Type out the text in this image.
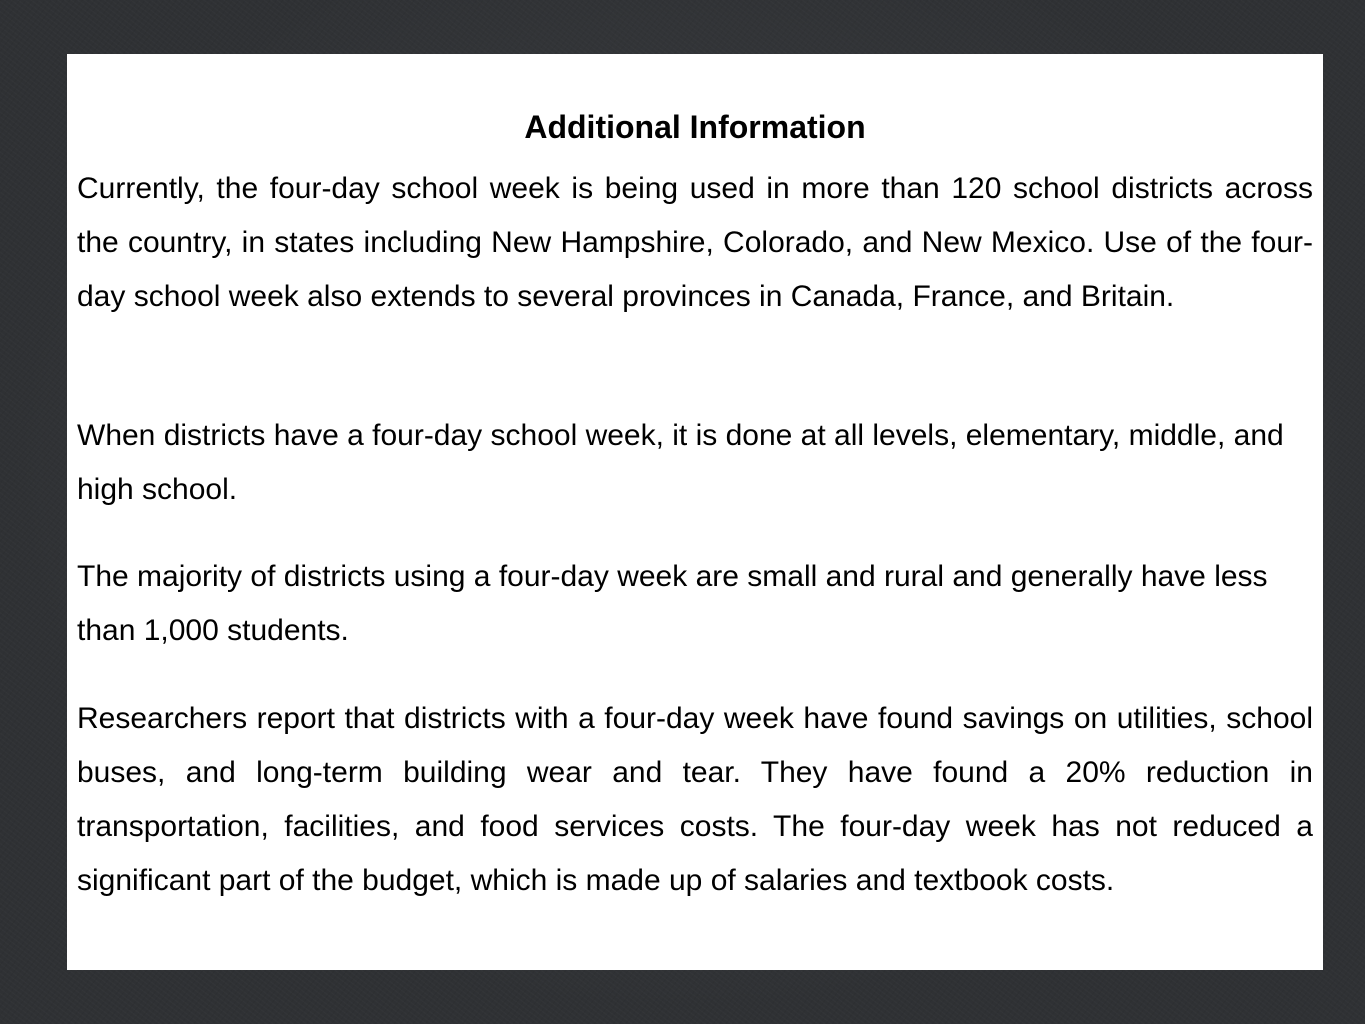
Currently, the four-day school week is being used in more than 120 school districts across the country, in states including New Hampshire, Colorado, and New Mexico. Use of the four-day school week also extends to several provinces in Canada, France, and Britain.

When districts have a four-day school week, it is done at all levels, elementary, middle, and high school.

The majority of districts using a four-day week are small and rural and generally have less than 1,000 students.

Researchers report that districts with a four-day week have found savings on utilities, school buses, and long-term building wear and tear. They have found a 20% reduction in transportation, facilities, and food services costs. The four-day week has not reduced a significant part of the budget, which is made up of salaries and textbook costs.

Additional Information
